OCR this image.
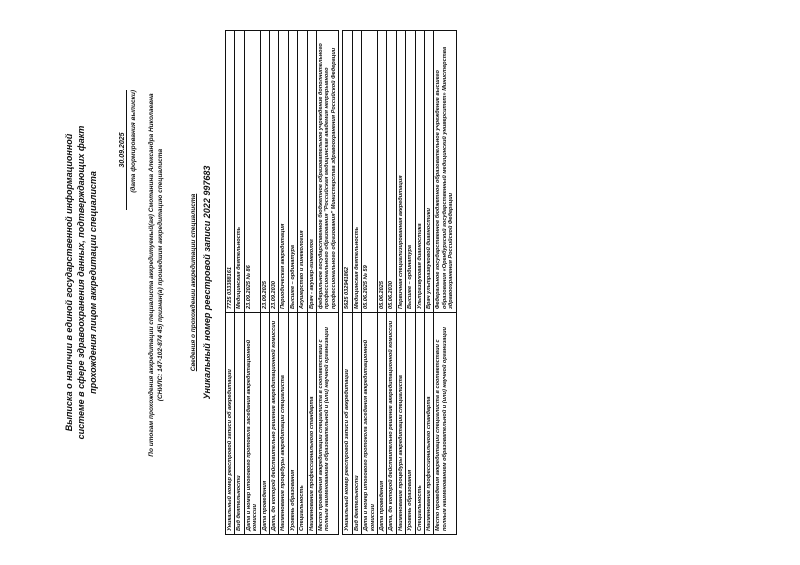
Выписка о наличии в единой государственной информационной системе в сфере здравоохранения данных, подтверждающих факт прохождения лицом аккредитации специалиста
30.09.2025 (дата формирования выписки) По итогам прохождения аккредитации специалиста аккредитуемый(ая) Смотанина Александра Николаевна (СНИЛС: 147-102-874 45) признан(а) прошедшим аккредитацию специалиста	Сведения о прохождении аккредитации специалиста Уникальный номер реестровой записи 2022 997683
Уникальный номер реестровой записи об аккредитации	7725 033388161
Вид деятельности	Медицинская деятельность
Дата и номер итогового протокола заседания аккредитационной комиссии	23.09.2025 № 86
Дата проведения	23.09.2025
Дата, до которой действительно решение аккредитационной комиссии	23.09.2030
Наименование процедуры аккредитации специалиста	Периодическая аккредитация
Уровень образования	Высшее – ординатура
Специальность	Акушерство и гинекология
Наименование профессионального стандарта	Врач - акушер-гинеколог
Место проведения аккредитации специалиста в соответствии с полным наименованием образовательной и (или) научной организации	федеральное государственное бюджетное образовательное учреждение дополнительного профессионального образования "Российская медицинская академия непрерывного профессионального образования" Министерства здравоохранения Российской Федерации

Уникальный номер реестровой записи об аккредитации	5625 032941862
Вид деятельности	Медицинская деятельность
Дата и номер итогового протокола заседания аккредитационной комиссии	05.06.2025 № 59
Дата проведения	05.06.2025
Дата, до которой действительно решение аккредитационной комиссии	05.06.2030
Наименование процедуры аккредитации специалиста	Первичная специализированная аккредитация
Уровень образования	Высшее – ординатура
Специальность	Ультразвуковая диагностика
Наименование профессионального стандарта	Врач ультразвуковой диагностики
Место проведения аккредитации специалиста в соответствии с полным наименованием образовательной и (или) научной организации	Федеральное государственное бюджетное образовательное учреждение высшего образования «Оренбургский государственный медицинский университет» Министерства здравоохранения Российской Федерации
